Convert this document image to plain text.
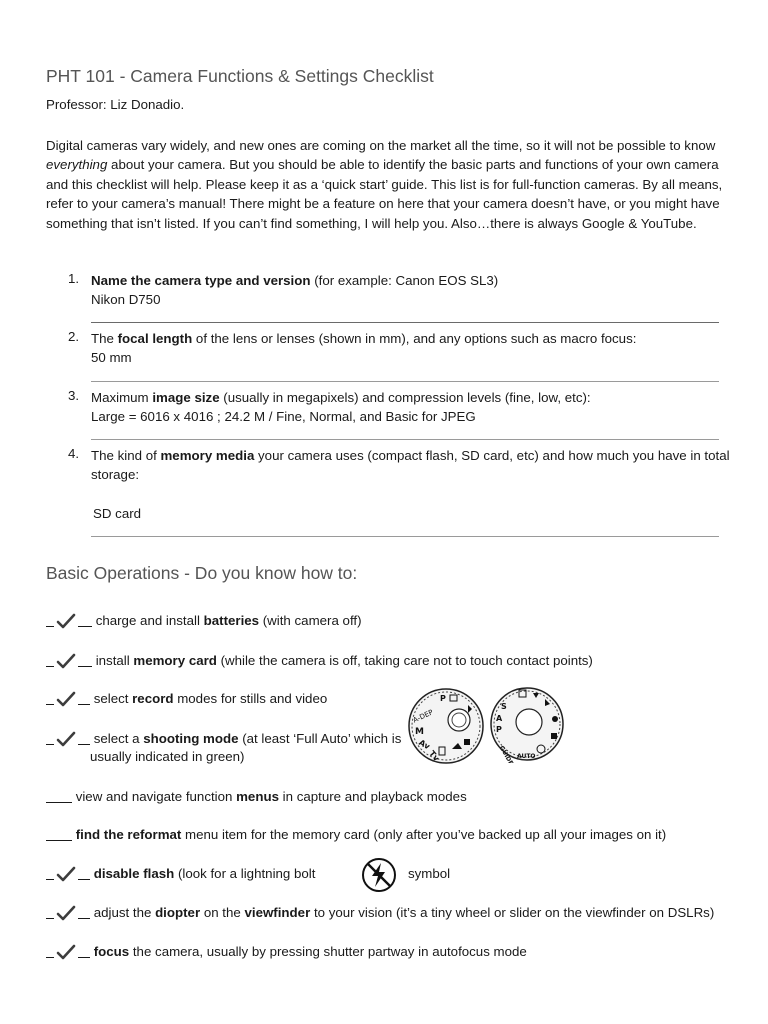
PHT 101 - Camera Functions & Settings Checklist
Professor: Liz Donadio.
Digital cameras vary widely, and new ones are coming on the market all the time, so it will not be possible to know everything about your camera. But you should be able to identify the basic parts and functions of your own camera and this checklist will help. Please keep it as a ‘quick start’ guide. This list is for full-function cameras. By all means, refer to your camera’s manual! There might be a feature on here that your camera doesn’t have, or you might have something that isn’t listed. If you can’t find something, I will help you. Also…there is always Google & YouTube.
1. Name the camera type and version (for example: Canon EOS SL3)
Nikon D750
2. The focal length of the lens or lenses (shown in mm), and any options such as macro focus:
50 mm
3. Maximum image size (usually in megapixels) and compression levels (fine, low, etc):
Large = 6016 x 4016 ; 24.2 M / Fine, Normal, and Basic for JPEG
4. The kind of memory media your camera uses (compact flash, SD card, etc) and how much you have in total storage:
SD card
Basic Operations - Do you know how to:
charge and install batteries (with camera off)
install memory card (while the camera is off, taking care not to touch contact points)
select record modes for stills and video
select a shooting mode (at least ‘Full Auto’ which is
usually indicated in green)
A-DEP
M
Av
Tv
P
S
A
P
GUIDE AUTO
view and navigate function menus in capture and playback modes

find the reformat menu item for the memory card (only after you’ve backed up all your images on it)

disable flash (look for a lightning bolt	symbol
adjust the diopter on the viewfinder to your vision (it’s a tiny wheel or slider on the viewfinder on DSLRs)

focus the camera, usually by pressing shutter partway in autofocus mode
